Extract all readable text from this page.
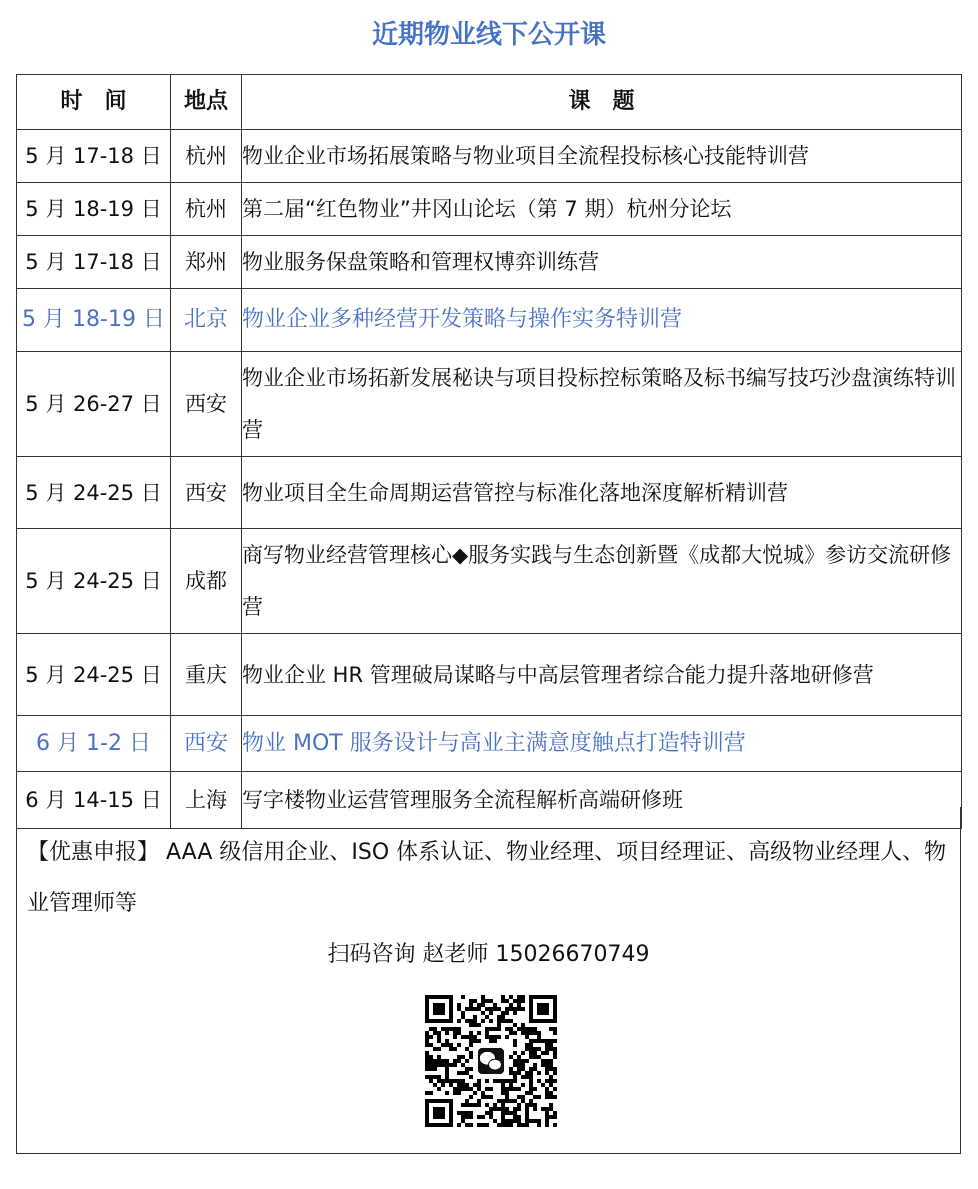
近期物业线下公开课
时　间	地点	课　题
5 月 17-18 日	杭州	物业企业市场拓展策略与物业项目全流程投标核心技能特训营
5 月 18-19 日	杭州	第二届“红色物业”井冈山论坛（第 7 期）杭州分论坛
5 月 17-18 日	郑州	物业服务保盘策略和管理权博弈训练营
5 月 18-19 日	北京	物业企业多种经营开发策略与操作实务特训营
5 月 26-27 日	西安	物业企业市场拓新发展秘诀与项目投标控标策略及标书编写技巧沙盘演练特训营
5 月 24-25 日	西安	物业项目全生命周期运营管控与标准化落地深度解析精训营
5 月 24-25 日	成都	商写物业经营管理核心◆服务实践与生态创新暨《成都大悦城》参访交流研修营
5 月 24-25 日	重庆	物业企业 HR 管理破局谋略与中高层管理者综合能力提升落地研修营
6 月 1-2 日	西安	物业 MOT 服务设计与高业主满意度触点打造特训营
6 月 14-15 日	上海	写字楼物业运营管理服务全流程解析高端研修班
【优惠申报】 AAA 级信用企业、ISO 体系认证、物业经理、项目经理证、高级物业经理人、物业管理师等
扫码咨询 赵老师 15026670749
